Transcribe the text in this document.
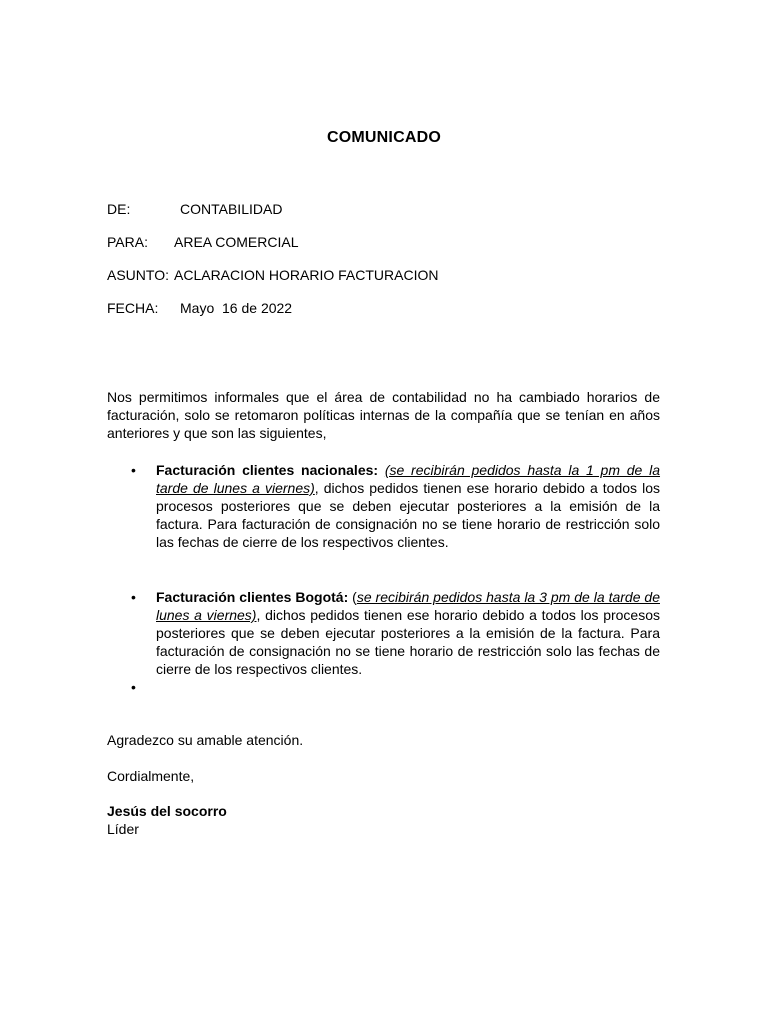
COMUNICADO
DE:	CONTABILIDAD
PARA: AREA COMERCIAL
ASUNTO: ACLARACION HORARIO FACTURACION
FECHA: Mayo  16 de 2022
Nos permitimos informales que el área de contabilidad no ha cambiado horarios de facturación, solo se retomaron políticas internas de la compañía que se tenían en años anteriores y que son las siguientes,
• Facturación clientes nacionales: (se recibirán pedidos hasta la 1 pm de la tarde de lunes a viernes), dichos pedidos tienen ese horario debido a todos los procesos posteriores que se deben ejecutar posteriores a la emisión de la factura. Para facturación de consignación no se tiene horario de restricción solo las fechas de cierre de los respectivos clientes.
• Facturación clientes Bogotá: (se recibirán pedidos hasta la 3 pm de la tarde de lunes a viernes), dichos pedidos tienen ese horario debido a todos los procesos posteriores que se deben ejecutar posteriores a la emisión de la factura. Para facturación de consignación no se tiene horario de restricción solo las fechas de cierre de los respectivos clientes.
•
Agradezco su amable atención.
Cordialmente,
Jesús del socorro
Líder
